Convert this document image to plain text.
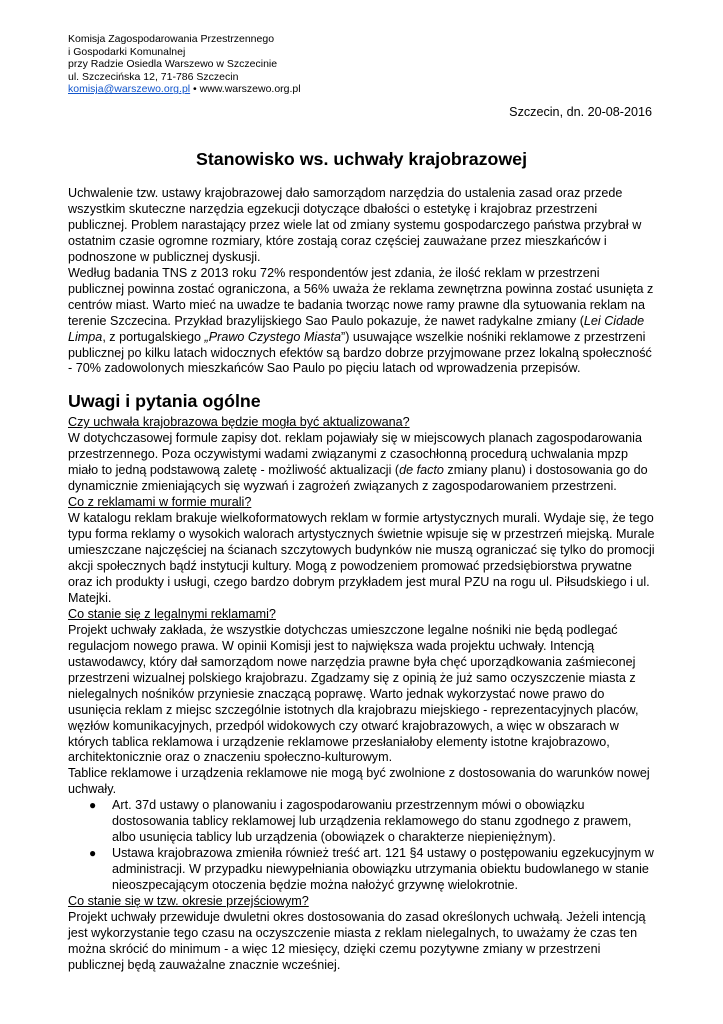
Komisja Zagospodarowania Przestrzennego
i Gospodarki Komunalnej
przy Radzie Osiedla Warszewo w Szczecinie
ul. Szczecińska 12, 71-786 Szczecin
komisja@warszewo.org.pl • www.warszewo.org.pl
Szczecin, dn. 20-08-2016
Stanowisko ws. uchwały krajobrazowej

Uchwalenie tzw. ustawy krajobrazowej dało samorządom narzędzia do ustalenia zasad oraz przede wszystkim skuteczne narzędzia egzekucji dotyczące dbałości o estetykę i krajobraz przestrzeni publicznej. Problem narastający przez wiele lat od zmiany systemu gospodarczego państwa przybrał w ostatnim czasie ogromne rozmiary, które zostają coraz częściej zauważane przez mieszkańców i podnoszone w publicznej dyskusji.

Według badania TNS z 2013 roku 72% respondentów jest zdania, że ilość reklam w przestrzeni publicznej powinna zostać ograniczona, a 56% uważa że reklama zewnętrzna powinna zostać usunięta z centrów miast. Warto mieć na uwadze te badania tworząc nowe ramy prawne dla sytuowania reklam na terenie Szczecina. Przykład brazylijskiego Sao Paulo pokazuje, że nawet radykalne zmiany (Lei Cidade Limpa, z portugalskiego „Prawo Czystego Miasta”) usuwające wszelkie nośniki reklamowe z przestrzeni publicznej po kilku latach widocznych efektów są bardzo dobrze przyjmowane przez lokalną społeczność - 70% zadowolonych mieszkańców Sao Paulo po pięciu latach od wprowadzenia przepisów.

Uwagi i pytania ogólne

Czy uchwała krajobrazowa będzie mogła być aktualizowana?

W dotychczasowej formule zapisy dot. reklam pojawiały się w miejscowych planach zagospodarowania przestrzennego. Poza oczywistymi wadami związanymi z czasochłonną procedurą uchwalania mpzp miało to jedną podstawową zaletę - możliwość aktualizacji (de facto zmiany planu) i dostosowania go do dynamicznie zmieniających się wyzwań i zagrożeń związanych z zagospodarowaniem przestrzeni.

Co z reklamami w formie murali?

W katalogu reklam brakuje wielkoformatowych reklam w formie artystycznych murali. Wydaje się, że tego typu forma reklamy o wysokich walorach artystycznych świetnie wpisuje się w przestrzeń miejską. Murale umieszczane najczęściej na ścianach szczytowych budynków nie muszą ograniczać się tylko do promocji akcji społecznych bądź instytucji kultury. Mogą z powodzeniem promować przedsiębiorstwa prywatne oraz ich produkty i usługi, czego bardzo dobrym przykładem jest mural PZU na rogu ul. Piłsudskiego i ul. Matejki.

Co stanie się z legalnymi reklamami?

Projekt uchwały zakłada, że wszystkie dotychczas umieszczone legalne nośniki nie będą podlegać regulacjom nowego prawa. W opinii Komisji jest to największa wada projektu uchwały. Intencją ustawodawcy, który dał samorządom nowe narzędzia prawne była chęć uporządkowania zaśmieconej przestrzeni wizualnej polskiego krajobrazu. Zgadzamy się z opinią że już samo oczyszczenie miasta z nielegalnych nośników przyniesie znaczącą poprawę. Warto jednak wykorzystać nowe prawo do usunięcia reklam z miejsc szczególnie istotnych dla krajobrazu miejskiego - reprezentacyjnych placów, węzłów komunikacyjnych, przedpól widokowych czy otwarć krajobrazowych, a więc w obszarach w których tablica reklamowa i urządzenie reklamowe przesłaniałoby elementy istotne krajobrazowo, architektonicznie oraz o znaczeniu społeczno-kulturowym.

Tablice reklamowe i urządzenia reklamowe nie mogą być zwolnione z dostosowania do warunków nowej uchwały.

● Art. 37d ustawy o planowaniu i zagospodarowaniu przestrzennym mówi o obowiązku dostosowania tablicy reklamowej lub urządzenia reklamowego do stanu zgodnego z prawem, albo usunięcia tablicy lub urządzenia (obowiązek o charakterze niepieniężnym).
● Ustawa krajobrazowa zmieniła również treść art. 121 §4 ustawy o postępowaniu egzekucyjnym w administracji. W przypadku niewypełniania obowiązku utrzymania obiektu budowlanego w stanie nieoszpecającym otoczenia będzie można nałożyć grzywnę wielokrotnie.

Co stanie się w tzw. okresie przejściowym?

Projekt uchwały przewiduje dwuletni okres dostosowania do zasad określonych uchwałą. Jeżeli intencją jest wykorzystanie tego czasu na oczyszczenie miasta z reklam nielegalnych, to uważamy że czas ten można skrócić do minimum - a więc 12 miesięcy, dzięki czemu pozytywne zmiany w przestrzeni publicznej będą zauważalne znacznie wcześniej.
